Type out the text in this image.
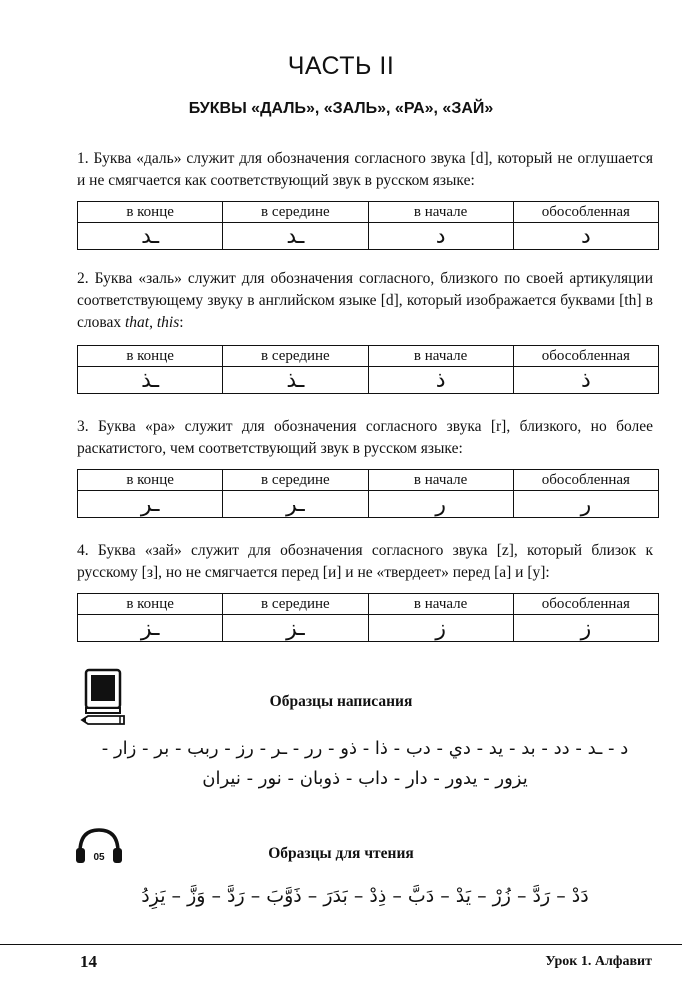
ЧАСТЬ II
БУКВЫ «ДАЛЬ», «ЗАЛЬ», «РА», «ЗАЙ»
1. Буква «даль» служит для обозначения согласного звука [d], который не оглушается и не смягчается как соответствующий звук в русском языке:
в конце	в середине	в начале	обособленная
ـد	ـد	د	د
2. Буква «заль» служит для обозначения согласного, близкого по своей артикуляции соответствующему звуку в английском языке [d], который изображается буквами [th] в словах that, this:
в конце	в середине	в начале	обособленная
ـذ	ـذ	ذ	ذ
3. Буква «ра» служит для обозначения согласного звука [r], близкого, но более раскатистого, чем соответствующий звук в русском языке:
в конце	в середине	в начале	обособленная
ـر	ـر	ر	ر
4. Буква «зай» служит для обозначения согласного звука [z], который близок к русскому [з], но не смягчается перед [и] и не «твердеет» перед [а] и [у]:
в конце	в середине	в начале	обособленная
ـز	ـز	ز	ز
Образцы написания
د - ـد - دد - بد - يد - دي - دب - ذا - ذو - رر - ـر - رز - ربب - بر - زار -
يزور - يدور - دار - داب - ذوبان - نور - نيران
05	Образцы для чтения
دَدْ – رَدَّ – زُرْ – يَدْ – دَبَّ – ذِدْ – بَدَرَ – ذَوَّبَ – رَدَّ – وَزَّ – يَزِدُ
14	Урок 1. Алфавит
